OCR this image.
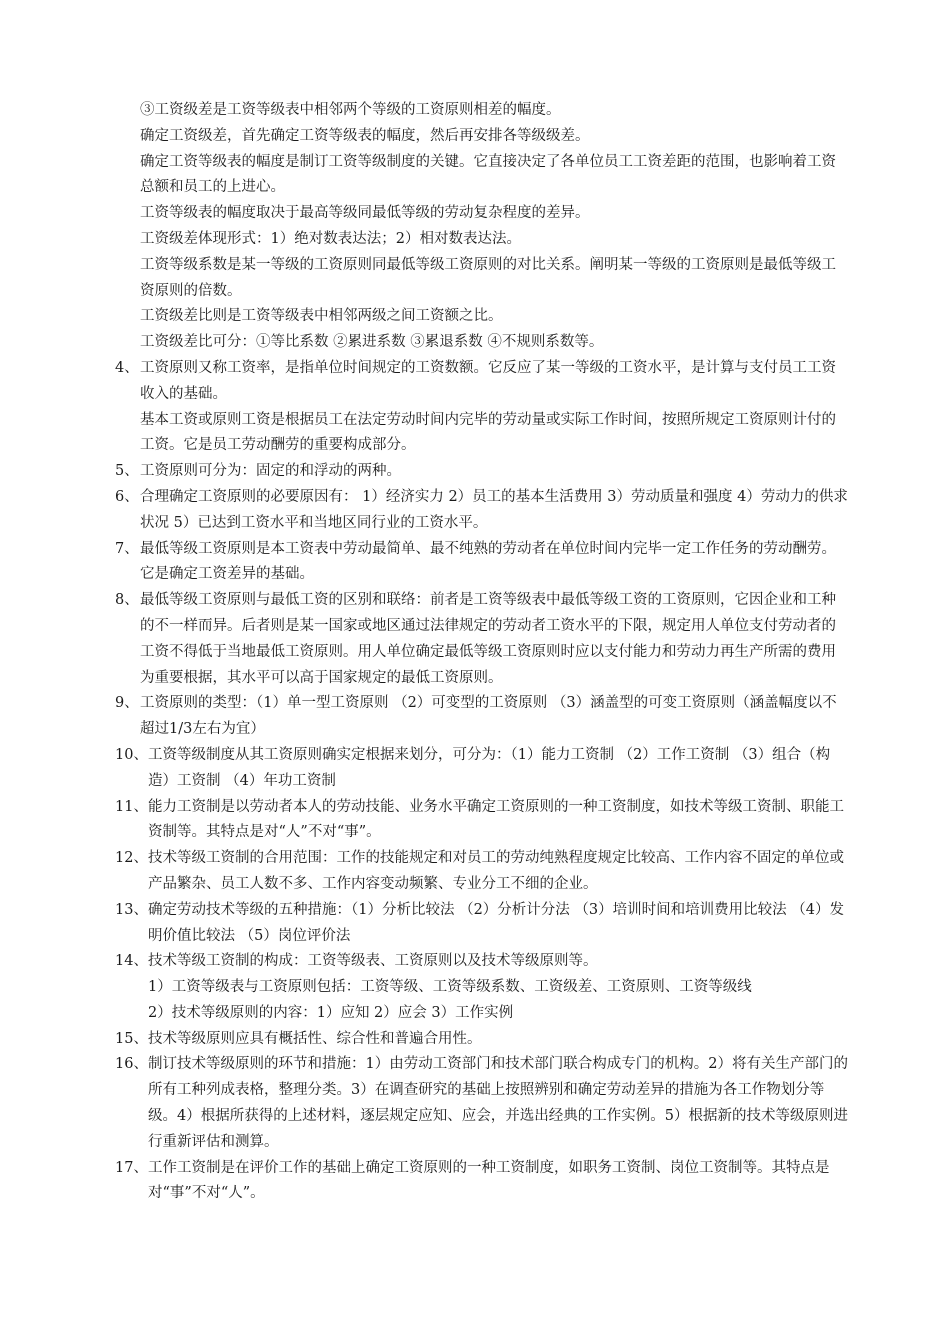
③工资级差是工资等级表中相邻两个等级的工资原则相差的幅度。

确定工资级差，首先确定工资等级表的幅度，然后再安排各等级级差。

确定工资等级表的幅度是制订工资等级制度的关键。它直接决定了各单位员工工资差距的范围，也影响着工资总额和员工的上进心。

工资等级表的幅度取决于最高等级同最低等级的劳动复杂程度的差异。

工资级差体现形式：1）绝对数表达法；2）相对数表达法。

工资等级系数是某一等级的工资原则同最低等级工资原则的对比关系。阐明某一等级的工资原则是最低等级工资原则的倍数。

工资级差比则是工资等级表中相邻两级之间工资额之比。

工资级差比可分：①等比系数 ②累进系数 ③累退系数 ④不规则系数等。

4、 工资原则又称工资率，是指单位时间规定的工资数额。它反应了某一等级的工资水平，是计算与支付员工工资收入的基础。

基本工资或原则工资是根据员工在法定劳动时间内完毕的劳动量或实际工作时间，按照所规定工资原则计付的工资。它是员工劳动酬劳的重要构成部分。

5、 工资原则可分为：固定的和浮动的两种。
6、 合理确定工资原则的必要原因有： 1）经济实力 2）员工的基本生活费用 3）劳动质量和强度 4）劳动力的供求状况 5）已达到工资水平和当地区同行业的工资水平。
7、 最低等级工资原则是本工资表中劳动最简单、最不纯熟的劳动者在单位时间内完毕一定工作任务的劳动酬劳。它是确定工资差异的基础。
8、 最低等级工资原则与最低工资的区别和联络：前者是工资等级表中最低等级工资的工资原则，它因企业和工种的不一样而异。后者则是某一国家或地区通过法律规定的劳动者工资水平的下限，规定用人单位支付劳动者的工资不得低于当地最低工资原则。用人单位确定最低等级工资原则时应以支付能力和劳动力再生产所需的费用为重要根据，其水平可以高于国家规定的最低工资原则。
9、 工资原则的类型：（1）单一型工资原则 （2）可变型的工资原则 （3）涵盖型的可变工资原则（涵盖幅度以不超过1/3左右为宜）
10、 工资等级制度从其工资原则确实定根据来划分，可分为：（1）能力工资制 （2）工作工资制 （3）组合（构造）工资制 （4）年功工资制
11、 能力工资制是以劳动者本人的劳动技能、业务水平确定工资原则的一种工资制度，如技术等级工资制、职能工资制等。其特点是对“人”不对“事”。
12、 技术等级工资制的合用范围：工作的技能规定和对员工的劳动纯熟程度规定比较高、工作内容不固定的单位或产品繁杂、员工人数不多、工作内容变动频繁、专业分工不细的企业。
13、 确定劳动技术等级的五种措施：（1）分析比较法 （2）分析计分法 （3）培训时间和培训费用比较法 （4）发明价值比较法 （5）岗位评价法
14、 技术等级工资制的构成：工资等级表、工资原则以及技术等级原则等。

1）工资等级表与工资原则包括：工资等级、工资等级系数、工资级差、工资原则、工资等级线

2）技术等级原则的内容：1）应知 2）应会 3）工作实例

15、 技术等级原则应具有概括性、综合性和普遍合用性。
16、 制订技术等级原则的环节和措施：1）由劳动工资部门和技术部门联合构成专门的机构。2）将有关生产部门的所有工种列成表格，整理分类。3）在调查研究的基础上按照辨别和确定劳动差异的措施为各工作物划分等级。4）根据所获得的上述材料，逐层规定应知、应会，并选出经典的工作实例。5）根据新的技术等级原则进行重新评估和测算。
17、 工作工资制是在评价工作的基础上确定工资原则的一种工资制度，如职务工资制、岗位工资制等。其特点是对“事”不对“人”。
